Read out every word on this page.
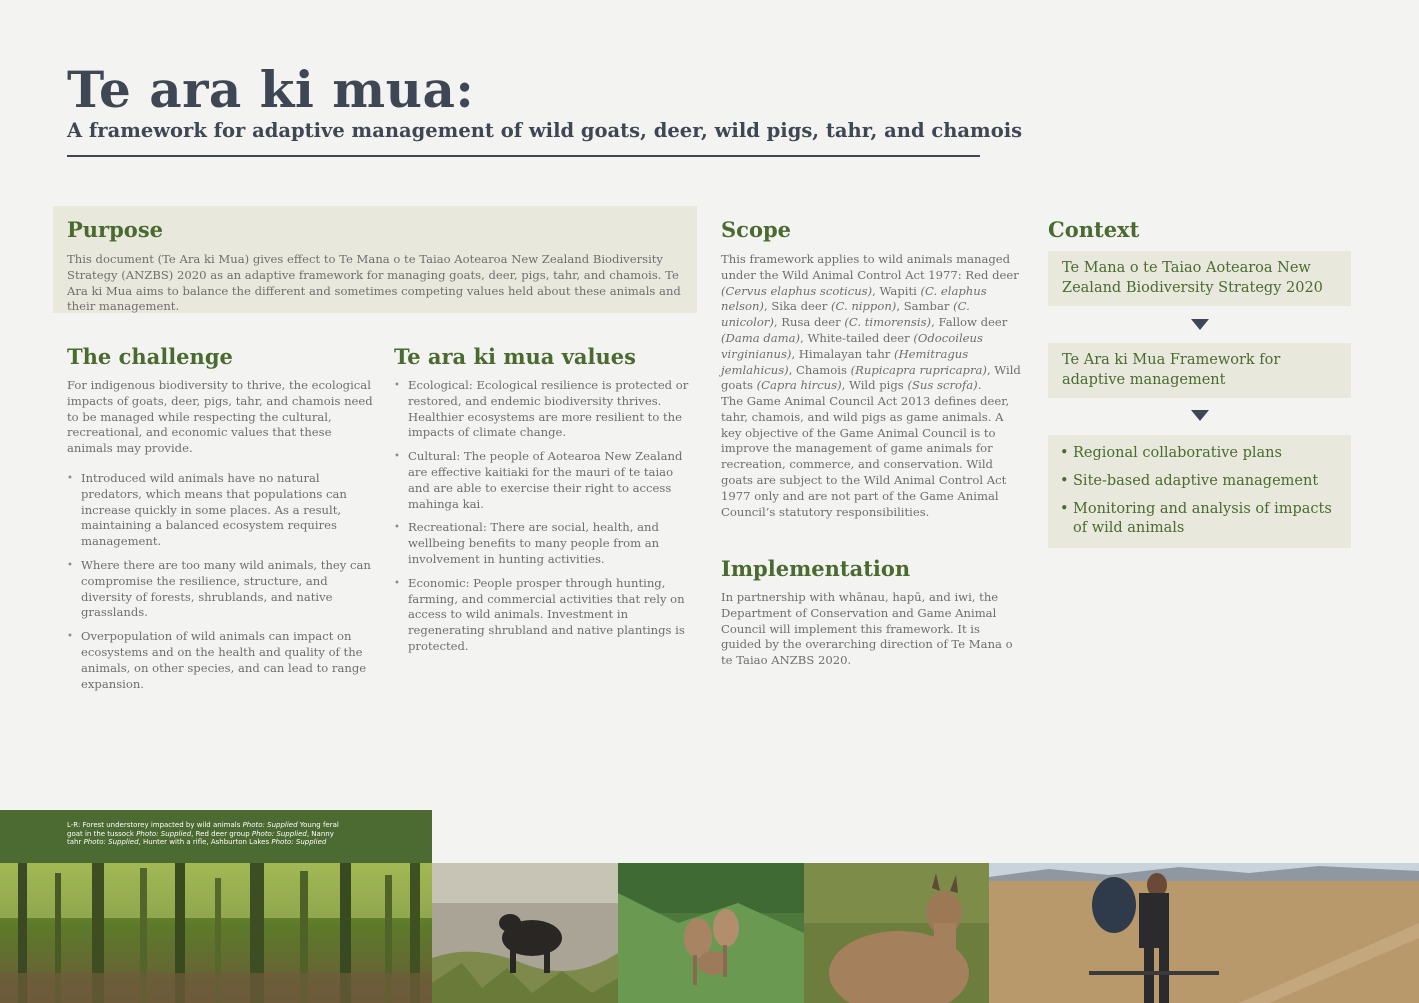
Te ara ki mua:
A framework for adaptive management of wild goats, deer, wild pigs, tahr, and chamois
Purpose

This document (Te Ara ki Mua) gives effect to Te Mana o te Taiao Aotearoa New Zealand Biodiversity Strategy (ANZBS) 2020 as an adaptive framework for managing goats, deer, pigs, tahr, and chamois. Te Ara ki Mua aims to balance the different and sometimes competing values held about these animals and their management.

The challenge

For indigenous biodiversity to thrive, the ecological impacts of goats, deer, pigs, tahr, and chamois need to be managed while respecting the cultural, recreational, and economic values that these animals may provide.

• Introduced wild animals have no natural predators, which means that populations can increase quickly in some places. As a result, maintaining a balanced ecosystem requires management.
• Where there are too many wild animals, they can compromise the resilience, structure, and diversity of forests, shrublands, and native grasslands.
• Overpopulation of wild animals can impact on ecosystems and on the health and quality of the animals, on other species, and can lead to range expansion.
Te ara ki mua values
• Ecological: Ecological resilience is protected or restored, and endemic biodiversity thrives. Healthier ecosystems are more resilient to the impacts of climate change.
• Cultural: The people of Aotearoa New Zealand are effective kaitiaki for the mauri of te taiao and are able to exercise their right to access mahinga kai.
• Recreational: There are social, health, and wellbeing benefits to many people from an involvement in hunting activities.
• Economic: People prosper through hunting, farming, and commercial activities that rely on access to wild animals. Investment in regenerating shrubland and native plantings is protected.
Scope

This framework applies to wild animals managed under the Wild Animal Control Act 1977: Red deer (Cervus elaphus scoticus), Wapiti (C. elaphus nelson), Sika deer (C. nippon), Sambar (C. unicolor), Rusa deer (C. timorensis), Fallow deer (Dama dama), White-tailed deer (Odocoileus virginianus), Himalayan tahr (Hemitragus jemlahicus), Chamois (Rupicapra rupricapra), Wild goats (Capra hircus), Wild pigs (Sus scrofa).

The Game Animal Council Act 2013 defines deer, tahr, chamois, and wild pigs as game animals. A key objective of the Game Animal Council is to improve the management of game animals for recreation, commerce, and conservation. Wild goats are subject to the Wild Animal Control Act 1977 only and are not part of the Game Animal Council’s statutory responsibilities.

Implementation

In partnership with whānau, hapū, and iwi, the Department of Conservation and Game Animal Council will implement this framework. It is guided by the overarching direction of Te Mana o te Taiao ANZBS 2020.

Context
Te Mana o te Taiao Aotearoa New Zealand Biodiversity Strategy 2020
Te Ara ki Mua Framework for adaptive management
• Regional collaborative plans
• Site-based adaptive management
• Monitoring and analysis of impacts of wild animals

L-R: Forest understorey impacted by wild animals Photo: Supplied Young feral goat in the tussock Photo: Supplied, Red deer group Photo: Supplied, Nanny tahr Photo: Supplied, Hunter with a rifle, Ashburton Lakes Photo: Supplied
